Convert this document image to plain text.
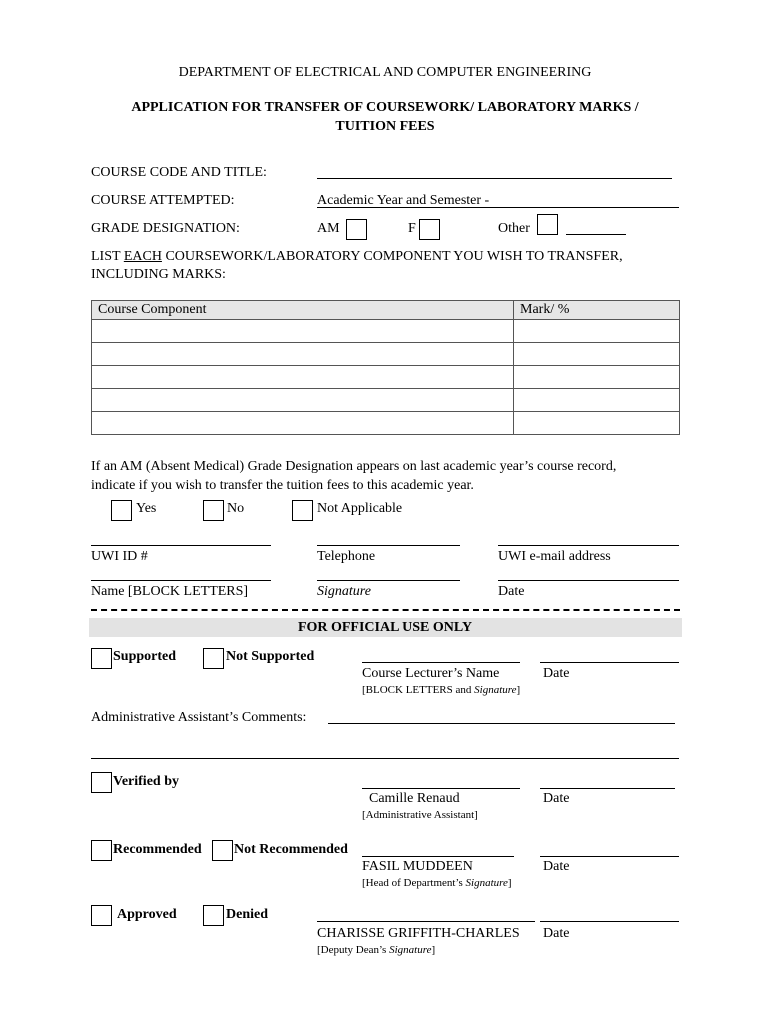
DEPARTMENT OF ELECTRICAL AND COMPUTER ENGINEERING
APPLICATION FOR TRANSFER OF COURSEWORK/ LABORATORY MARKS /
TUITION FEES
COURSE CODE AND TITLE:
COURSE ATTEMPTED:	Academic Year and Semester -
GRADE DESIGNATION:	AM	F	Other
LIST EACH COURSEWORK/LABORATORY COMPONENT YOU WISH TO TRANSFER,
INCLUDING MARKS:
Course Component	Mark/ %

If an AM (Absent Medical) Grade Designation appears on last academic year’s course record,
indicate if you wish to transfer the tuition fees to this academic year.
Yes	No	Not Applicable
UWI ID #	Telephone	UWI e-mail address
Name [BLOCK LETTERS]	Signature	Date
FOR OFFICIAL USE ONLY
Supported	Not Supported
Course Lecturer’s Name	Date
[BLOCK LETTERS and Signature]
Administrative Assistant’s Comments:
Verified by
Camille Renaud	Date
[Administrative Assistant]
Recommended Not Recommended
FASIL MUDDEEN	Date
[Head of Department’s Signature]
Approved	Denied
CHARISSE GRIFFITH-CHARLES Date
[Deputy Dean’s Signature]
